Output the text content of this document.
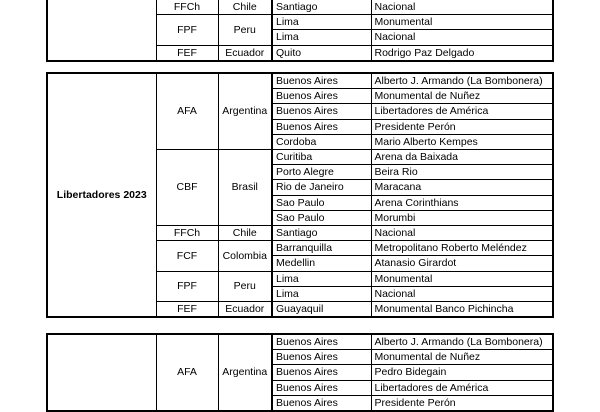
	FFCh	Chile	Santiago	Nacional
	FPF	Peru	Lima	Monumental
			Lima	Nacional
	FEF	Ecuador	Quito	Rodrigo Paz Delgado
Libertadores 2023	AFA	Argentina	Buenos Aires	Alberto J. Armando (La Bombonera)
			Buenos Aires	Monumental de Nuñez
			Buenos Aires	Libertadores de América
			Buenos Aires	Presidente Perón
			Cordoba	Mario Alberto Kempes
	CBF	Brasil	Curitiba	Arena da Baixada
			Porto Alegre	Beira Rio
			Rio de Janeiro	Maracana
			Sao Paulo	Arena Corinthians
			Sao Paulo	Morumbi
	FFCh	Chile	Santiago	Nacional
	FCF	Colombia	Barranquilla	Metropolitano Roberto Meléndez
			Medellin	Atanasio Girardot
	FPF	Peru	Lima	Monumental
			Lima	Nacional
	FEF	Ecuador	Guayaquil	Monumental Banco Pichincha
	AFA	Argentina	Buenos Aires	Alberto J. Armando (La Bombonera)
			Buenos Aires	Monumental de Nuñez
			Buenos Aires	Pedro Bidegain
			Buenos Aires	Libertadores de América
			Buenos Aires	Presidente Perón
